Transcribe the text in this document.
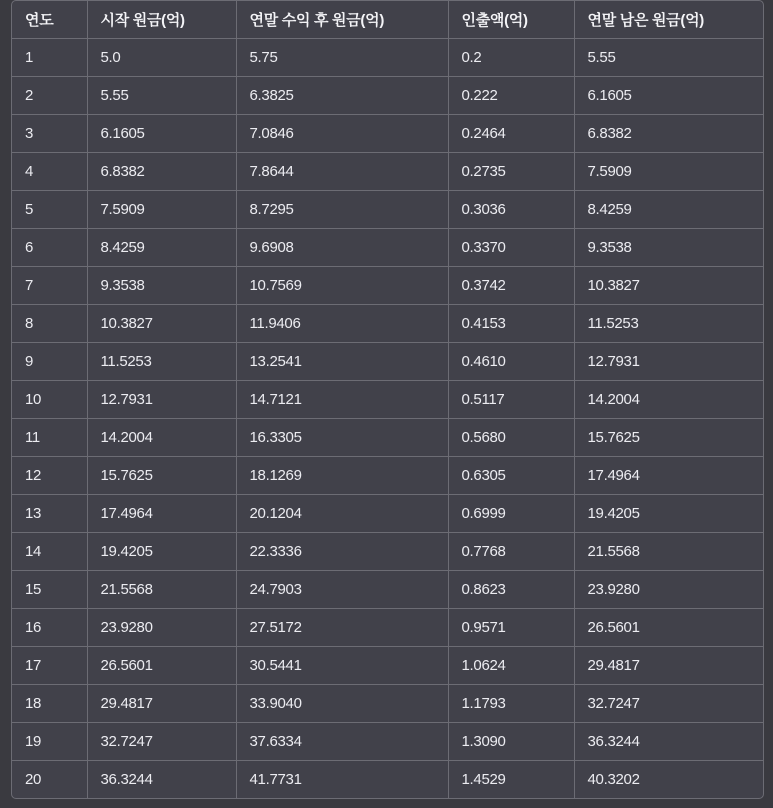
연도	시작 원금(억)	연말 수익 후 원금(억)	인출액(억)	연말 남은 원금(억)
1	5.0	5.75	0.2	5.55
2	5.55	6.3825	0.222	6.1605
3	6.1605	7.0846	0.2464	6.8382
4	6.8382	7.8644	0.2735	7.5909
5	7.5909	8.7295	0.3036	8.4259
6	8.4259	9.6908	0.3370	9.3538
7	9.3538	10.7569	0.3742	10.3827
8	10.3827	11.9406	0.4153	11.5253
9	11.5253	13.2541	0.4610	12.7931
10	12.7931	14.7121	0.5117	14.2004
11	14.2004	16.3305	0.5680	15.7625
12	15.7625	18.1269	0.6305	17.4964
13	17.4964	20.1204	0.6999	19.4205
14	19.4205	22.3336	0.7768	21.5568
15	21.5568	24.7903	0.8623	23.9280
16	23.9280	27.5172	0.9571	26.5601
17	26.5601	30.5441	1.0624	29.4817
18	29.4817	33.9040	1.1793	32.7247
19	32.7247	37.6334	1.3090	36.3244
20	36.3244	41.7731	1.4529	40.3202
